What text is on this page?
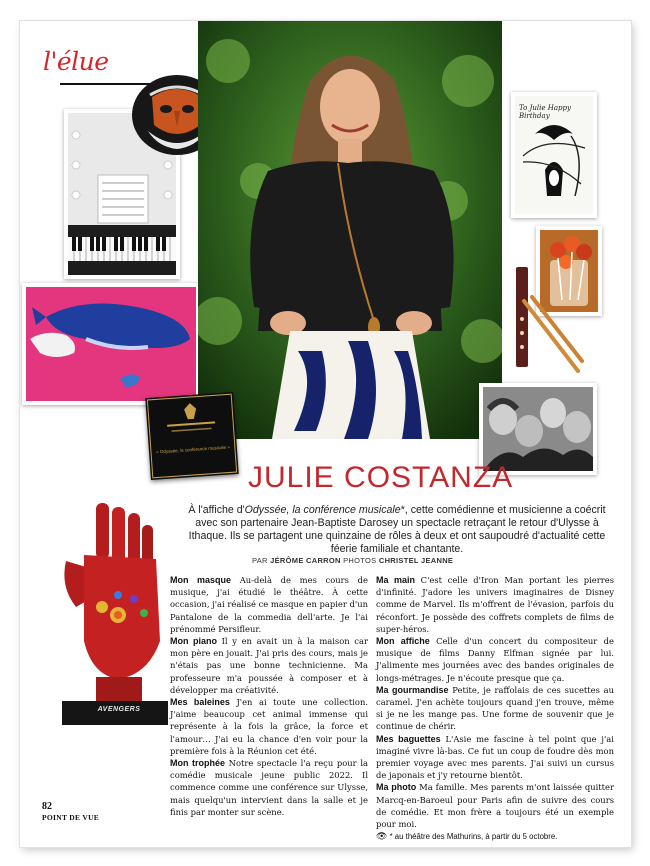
l'élue
To Julie Happy Birthday
« Odyssée, la conférence musicale »
AVENGERS
JULIE COSTANZA
À l'affiche d'Odyssée, la conférence musicale*, cette comédienne et musicienne a coécrit avec son partenaire Jean-Baptiste Darosey un spectacle retraçant le retour d'Ulysse à Ithaque. Ils se partagent une quinzaine de rôles à deux et ont saupoudré d'actualité cette féerie familiale et chantante.
PAR JÉRÔME CARRON PHOTOS CHRISTEL JEANNE

Mon masque Au-delà de mes cours de musique, j'ai étudié le théâtre. À cette occasion, j'ai réalisé ce masque en papier d'un Pantalone de la commedia dell'arte. Je l'ai prénommé Persifleur.

Mon piano Il y en avait un à la maison car mon père en jouait. J'ai pris des cours, mais je n'étais pas une bonne technicienne. Ma professeure m'a poussée à composer et à développer ma créativité.

Mes baleines J'en ai toute une collection. J'aime beaucoup cet animal immense qui représente à la fois la grâce, la force et l'amour… J'ai eu la chance d'en voir pour la première fois à la Réunion cet été.

Mon trophée Notre spectacle l'a reçu pour la comédie musicale jeune public 2022. Il commence comme une conférence sur Ulysse, mais quelqu'un intervient dans la salle et je finis par monter sur scène.

Ma main C'est celle d'Iron Man portant les pierres d'infinité. J'adore les univers imaginaires de Disney comme de Marvel. Ils m'offrent de l'évasion, parfois du réconfort. Je possède des coffrets complets de films de super-héros.

Mon affiche Celle d'un concert du compositeur de musique de films Danny Elfman signée par lui. J'alimente mes journées avec des bandes originales de longs-métrages. Je n'écoute presque que ça.

Ma gourmandise Petite, je raffolais de ces sucettes au caramel. J'en achète toujours quand j'en trouve, même si je ne les mange pas. Une forme de souvenir que je continue de chérir.

Mes baguettes L'Asie me fascine à tel point que j'ai imaginé vivre là-bas. Ce fut un coup de foudre dès mon premier voyage avec mes parents. J'ai suivi un cursus de japonais et j'y retourne bientôt.

Ma photo Ma famille. Mes parents m'ont laissée quitter Marcq-en-Baroeul pour Paris afin de suivre des cours de comédie. Et mon frère a toujours été un exemple pour moi.

👁 * au théâtre des Mathurins, à partir du 5 octobre.

82
POINT DE VUE
